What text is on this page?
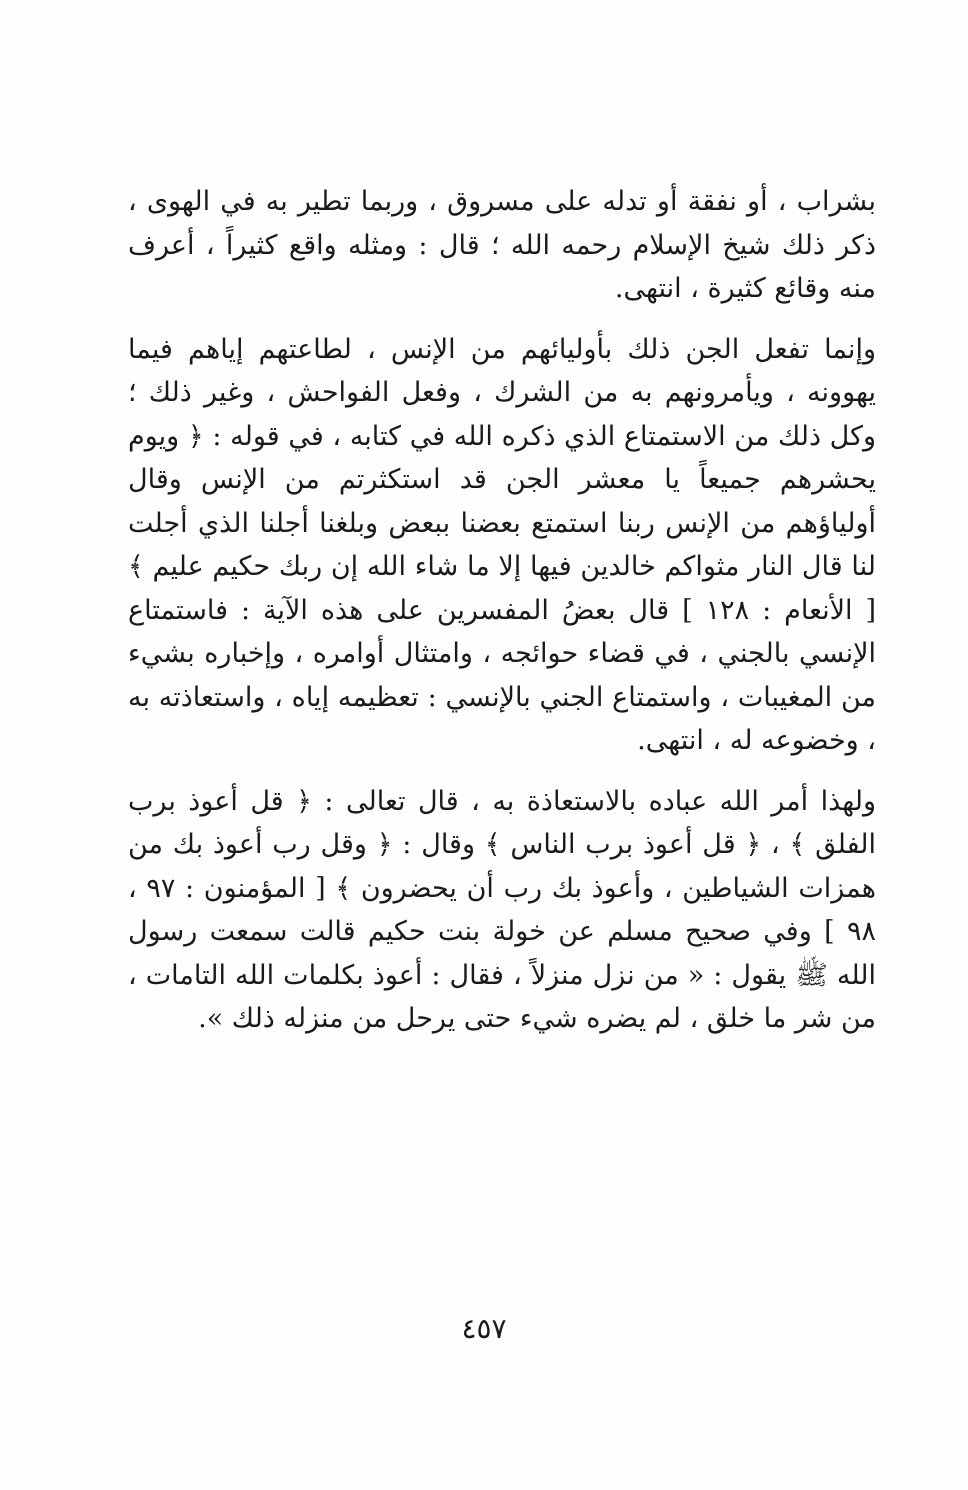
بشراب ، أو نفقة أو تدله على مسروق ، وربما تطير به في الهوى ، ذكر ذلك شيخ الإسلام رحمه الله ؛ قال : ومثله واقع كثيراً ، أعرف منه وقائع كثيرة ، انتهى.

وإنما تفعل الجن ذلك بأوليائهم من الإنس ، لطاعتهم إياهم فيما يهوونه ، ويأمرونهم به من الشرك ، وفعل الفواحش ، وغير ذلك ؛ وكل ذلك من الاستمتاع الذي ذكره الله في كتابه ، في قوله : ﴿ ويوم يحشرهم جميعاً يا معشر الجن قد استكثرتم من الإنس وقال أولياؤهم من الإنس ربنا استمتع بعضنا ببعض وبلغنا أجلنا الذي أجلت لنا قال النار مثواكم خالدين فيها إلا ما شاء الله إن ربك حكيم عليم ﴾ [ الأنعام : ١٢٨ ] قال بعضُ المفسرين على هذه الآية : فاستمتاع الإنسي بالجني ، في قضاء حوائجه ، وامتثال أوامره ، وإخباره بشيء من المغيبات ، واستمتاع الجني بالإنسي : تعظيمه إياه ، واستعاذته به ، وخضوعه له ، انتهى.

ولهذا أمر الله عباده بالاستعاذة به ، قال تعالى : ﴿ قل أعوذ برب الفلق ﴾ ، ﴿ قل أعوذ برب الناس ﴾ وقال : ﴿ وقل رب أعوذ بك من همزات الشياطين ، وأعوذ بك رب أن يحضرون ﴾ [ المؤمنون : ٩٧ ، ٩٨ ] وفي صحيح مسلم عن خولة بنت حكيم قالت سمعت رسول الله ﷺ يقول : « من نزل منزلاً ، فقال : أعوذ بكلمات الله التامات ، من شر ما خلق ، لم يضره شيء حتى يرحل من منزله ذلك ».

٤٥٧
